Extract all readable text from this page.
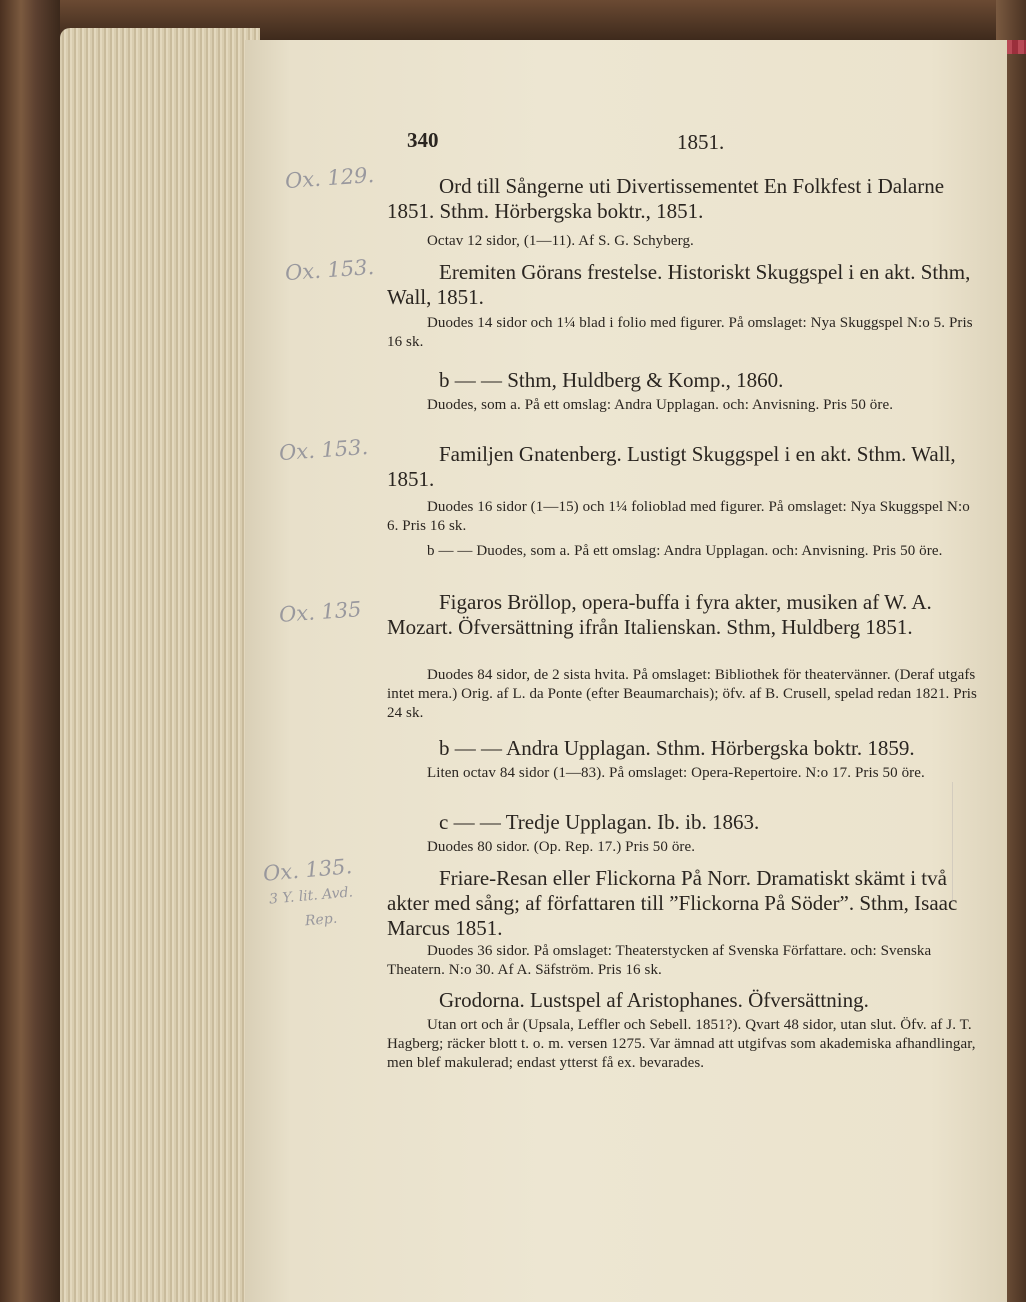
340	1851.

Ord till Sångerne uti Divertissementet En Folkfest i Dalarne 1851. Sthm. Hörbergska boktr., 1851.

Octav 12 sidor, (1—11). Af S. G. Schyberg.

Eremiten Görans frestelse. Historiskt Skuggspel i en akt. Sthm, Wall, 1851.

Duodes 14 sidor och 1¼ blad i folio med figurer. På omslaget: Nya Skuggspel N:o 5. Pris 16 sk.

b — — Sthm, Huldberg & Komp., 1860.

Duodes, som a. På ett omslag: Andra Upplagan. och: Anvisning. Pris 50 öre.

Familjen Gnatenberg. Lustigt Skuggspel i en akt. Sthm. Wall, 1851.

Duodes 16 sidor (1—15) och 1¼ folioblad med figurer. På omslaget: Nya Skuggspel N:o 6. Pris 16 sk.

b — — Duodes, som a. På ett omslag: Andra Upplagan. och: Anvisning. Pris 50 öre.

Figaros Bröllop, opera-buffa i fyra akter, musiken af W. A. Mozart. Öfversättning ifrån Italienskan. Sthm, Huldberg 1851.

Duodes 84 sidor, de 2 sista hvita. På omslaget: Bibliothek för theatervänner. (Deraf utgafs intet mera.) Orig. af L. da Ponte (efter Beaumarchais); öfv. af B. Crusell, spelad redan 1821. Pris 24 sk.

b — — Andra Upplagan. Sthm. Hörbergska boktr. 1859.

Liten octav 84 sidor (1—83). På omslaget: Opera-Repertoire. N:o 17. Pris 50 öre.

c — — Tredje Upplagan. Ib. ib. 1863.

Duodes 80 sidor. (Op. Rep. 17.) Pris 50 öre.

Friare-Resan eller Flickorna På Norr. Dramatiskt skämt i två akter med sång; af författaren till ”Flickorna På Söder”. Sthm, Isaac Marcus 1851.

Duodes 36 sidor. På omslaget: Theaterstycken af Svenska Författare. och: Svenska Theatern. N:o 30. Af A. Säfström. Pris 16 sk.

Grodorna. Lustspel af Aristophanes. Öfversättning.

Utan ort och år (Upsala, Leffler och Sebell. 1851?). Qvart 48 sidor, utan slut. Öfv. af J. T. Hagberg; räcker blott t. o. m. versen 1275. Var ämnad att utgifvas som akademiska afhandlingar, men blef makulerad; endast ytterst få ex. bevarades.

Ox. 129.
Ox. 153.
Ox. 153.
Ox. 135
Ox. 135.
3 Y. lit. Avd.
Rep.
